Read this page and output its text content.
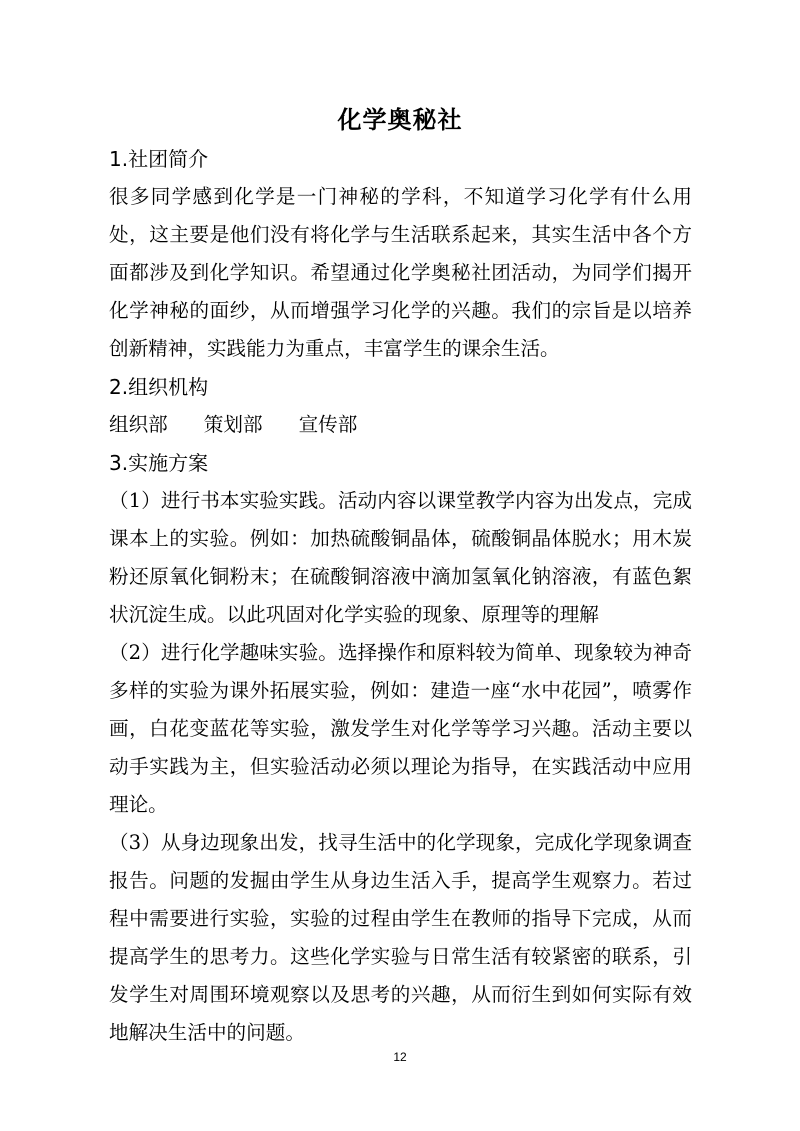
化学奥秘社
1.社团简介

很多同学感到化学是一门神秘的学科，不知道学习化学有什么用处，这主要是他们没有将化学与生活联系起来，其实生活中各个方面都涉及到化学知识。希望通过化学奥秘社团活动，为同学们揭开化学神秘的面纱，从而增强学习化学的兴趣。我们的宗旨是以培养创新精神，实践能力为重点，丰富学生的课余生活。

2.组织机构
组织部 策划部 宣传部
3.实施方案

（1）进行书本实验实践。活动内容以课堂教学内容为出发点，完成课本上的实验。例如：加热硫酸铜晶体，硫酸铜晶体脱水；用木炭粉还原氧化铜粉末；在硫酸铜溶液中滴加氢氧化钠溶液，有蓝色絮状沉淀生成。以此巩固对化学实验的现象、原理等的理解

（2）进行化学趣味实验。选择操作和原料较为简单、现象较为神奇多样的实验为课外拓展实验，例如：建造一座“水中花园”，喷雾作画，白花变蓝花等实验，激发学生对化学等学习兴趣。活动主要以动手实践为主，但实验活动必须以理论为指导，在实践活动中应用理论。

（3）从身边现象出发，找寻生活中的化学现象，完成化学现象调查报告。问题的发掘由学生从身边生活入手，提高学生观察力。若过程中需要进行实验，实验的过程由学生在教师的指导下完成，从而提高学生的思考力。这些化学实验与日常生活有较紧密的联系，引发学生对周围环境观察以及思考的兴趣，从而衍生到如何实际有效地解决生活中的问题。

12
